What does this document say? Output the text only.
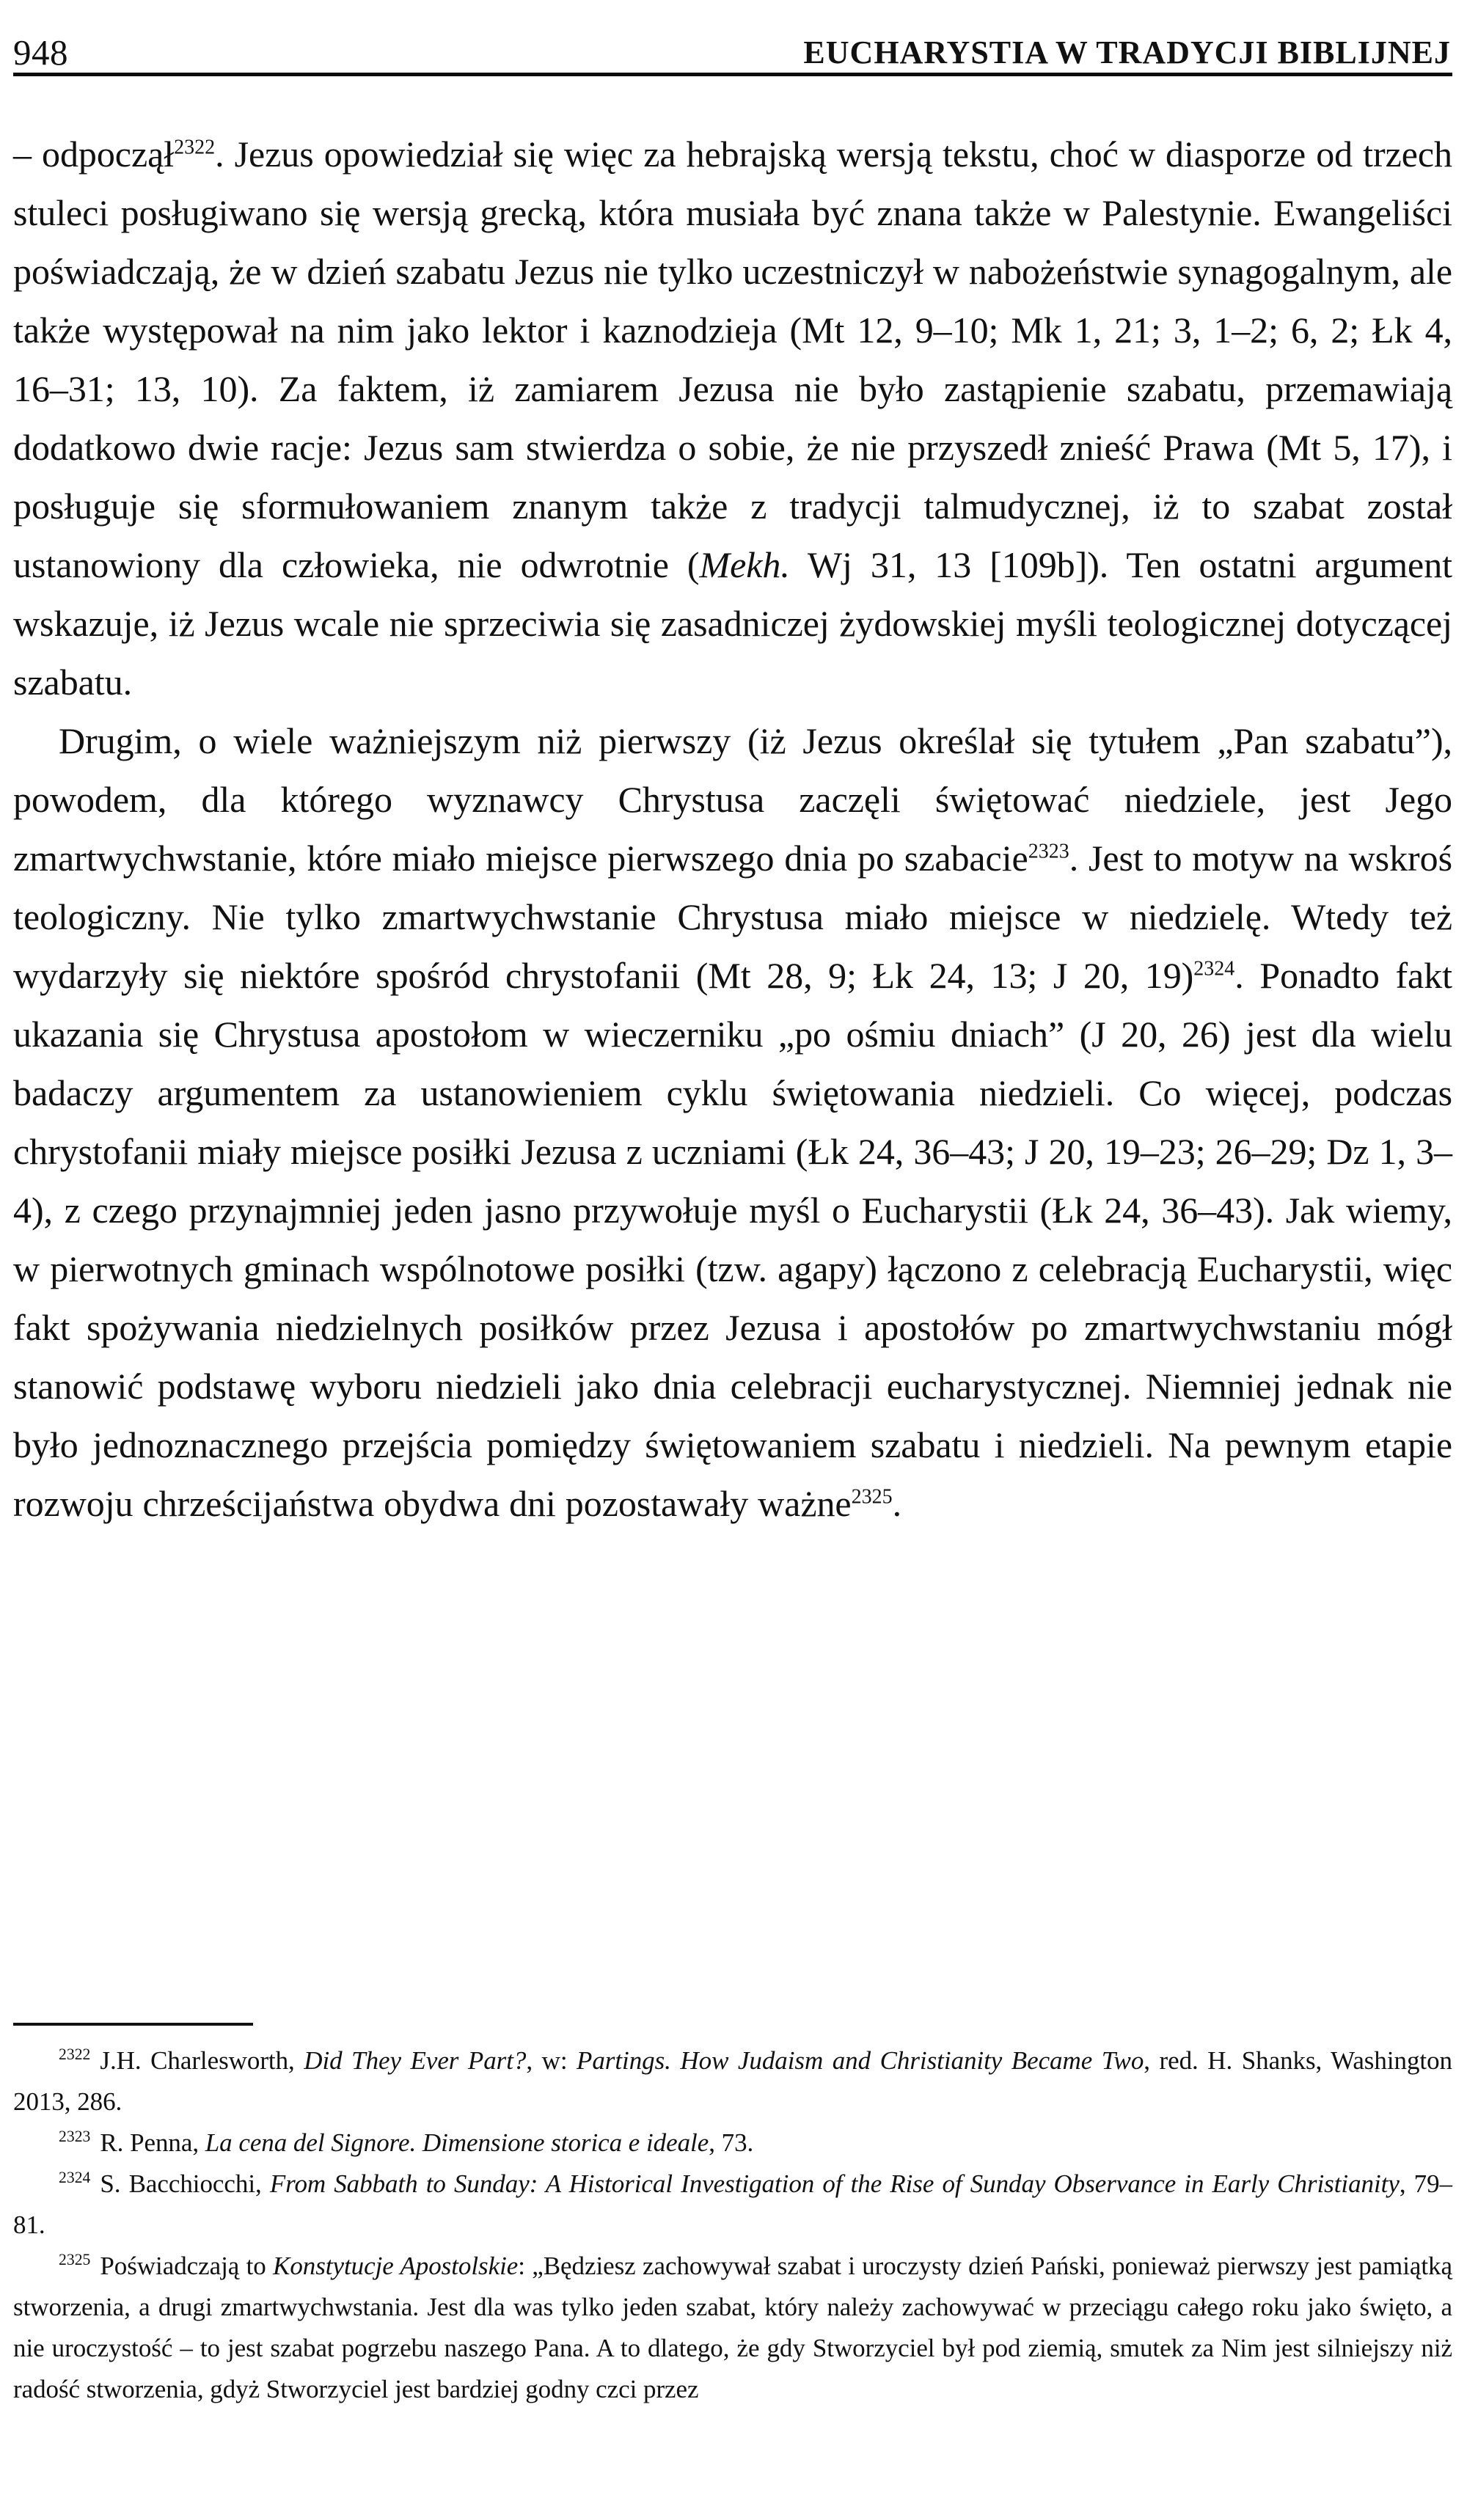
948	EUCHARYSTIA W TRADYCJI BIBLIJNEJ

– odpoczął$^{2322}$. Jezus opowiedział się więc za hebrajską wersją tekstu, choć w diasporze od trzech stuleci posługiwano się wersją grecką, która musiała być znana także w Palestynie. Ewangeliści poświadczają, że w dzień szabatu Jezus nie tylko uczestniczył w nabożeństwie synagogalnym, ale także występował na nim jako lektor i kaznodzieja (Mt 12, 9–10; Mk 1, 21; 3, 1–2; 6, 2; Łk 4, 16–31; 13, 10). Za faktem, iż zamiarem Jezusa nie było zastąpienie szabatu, przemawiają dodatkowo dwie racje: Jezus sam stwierdza o sobie, że nie przyszedł znieść Prawa (Mt 5, 17), i posługuje się sformułowaniem znanym także z tradycji talmudycznej, iż to szabat został ustanowiony dla człowieka, nie odwrotnie (Mekh. Wj 31, 13 [109b]). Ten ostatni argument wskazuje, iż Jezus wcale nie sprzeciwia się zasadniczej żydowskiej myśli teologicznej dotyczącej szabatu.

Drugim, o wiele ważniejszym niż pierwszy (iż Jezus określał się tytułem „Pan szabatu”), powodem, dla którego wyznawcy Chrystusa zaczęli świętować niedziele, jest Jego zmartwychwstanie, które miało miejsce pierwszego dnia po szabacie$^{2323}$. Jest to motyw na wskroś teologiczny. Nie tylko zmartwychwstanie Chrystusa miało miejsce w niedzielę. Wtedy też wydarzyły się niektóre spośród chrystofanii (Mt 28, 9; Łk 24, 13; J 20, 19)$^{2324}$. Ponadto fakt ukazania się Chrystusa apostołom w wieczerniku „po ośmiu dniach” (J 20, 26) jest dla wielu badaczy argumentem za ustanowieniem cyklu świętowania niedzieli. Co więcej, podczas chrystofanii miały miejsce posiłki Jezusa z uczniami (Łk 24, 36–43; J 20, 19–23; 26–29; Dz 1, 3–4), z czego przynajmniej jeden jasno przywołuje myśl o Eucharystii (Łk 24, 36–43). Jak wiemy, w pierwotnych gminach wspólnotowe posiłki (tzw. agapy) łączono z celebracją Eucharystii, więc fakt spożywania niedzielnych posiłków przez Jezusa i apostołów po zmartwychwstaniu mógł stanowić podstawę wyboru niedzieli jako dnia celebracji eucharystycznej. Niemniej jednak nie było jednoznacznego przejścia pomiędzy świętowaniem szabatu i niedzieli. Na pewnym etapie rozwoju chrześcijaństwa obydwa dni pozostawały ważne$^{2325}$.

$^{2322}$ J.H. Charlesworth, Did They Ever Part?, w: Partings. How Judaism and Christianity Became Two, red. H. Shanks, Washington 2013, 286.

$^{2323}$ R. Penna, La cena del Signore. Dimensione storica e ideale, 73.

$^{2324}$ S. Bacchiocchi, From Sabbath to Sunday: A Historical Investigation of the Rise of Sunday Observance in Early Christianity, 79–81.

$^{2325}$ Poświadczają to Konstytucje Apostolskie: „Będziesz zachowywał szabat i uroczysty dzień Pański, ponieważ pierwszy jest pamiątką stworzenia, a drugi zmartwychwstania. Jest dla was tylko jeden szabat, który należy zachowywać w przeciągu całego roku jako święto, a nie uroczystość – to jest szabat pogrzebu naszego Pana. A to dlatego, że gdy Stworzyciel był pod ziemią, smutek za Nim jest silniejszy niż radość stworzenia, gdyż Stworzyciel jest bardziej godny czci przez
